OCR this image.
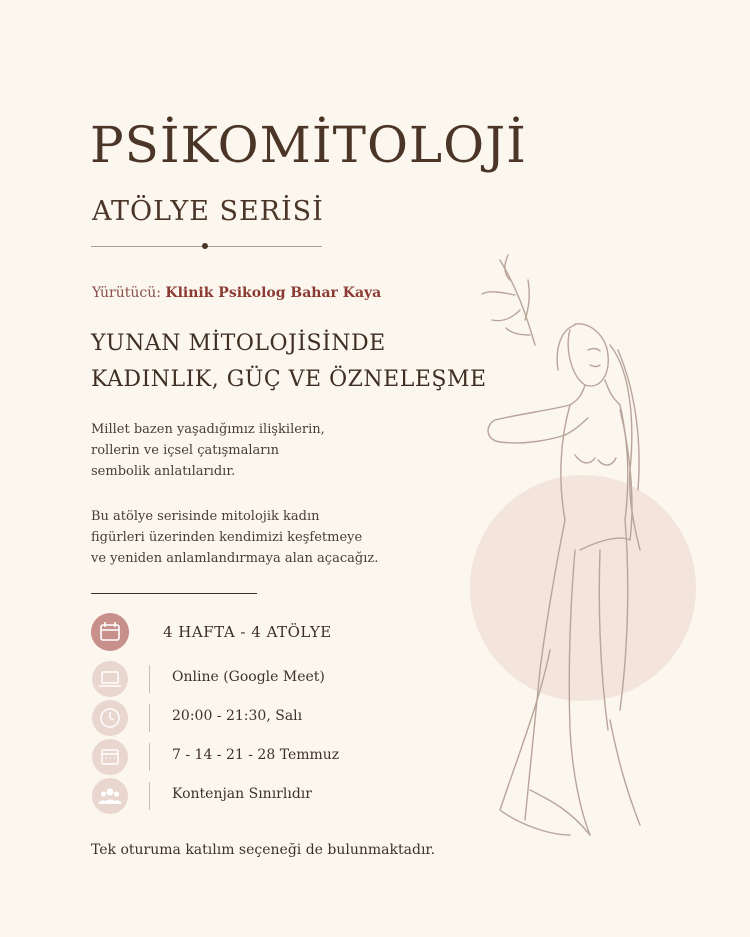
PSİKOMİTOLOJİ
ATÖLYE SERİSİ
Yürütücü: Klinik Psikolog Bahar Kaya
YUNAN MİTOLOJİSİNDE
KADINLIK, GÜÇ VE ÖZNELEŞME
Millet bazen yaşadığımız ilişkilerin,
rollerin ve içsel çatışmaların
sembolik anlatılarıdır.
Bu atölye serisinde mitolojik kadın
figürleri üzerinden kendimizi keşfetmeye
ve yeniden anlamlandırmaya alan açacağız.
4 HAFTA - 4 ATÖLYE
Online (Google Meet)
20:00 - 21:30, Salı
7 - 14 - 21 - 28 Temmuz
Kontenjan Sınırlıdır
Tek oturuma katılım seçeneği de bulunmaktadır.
